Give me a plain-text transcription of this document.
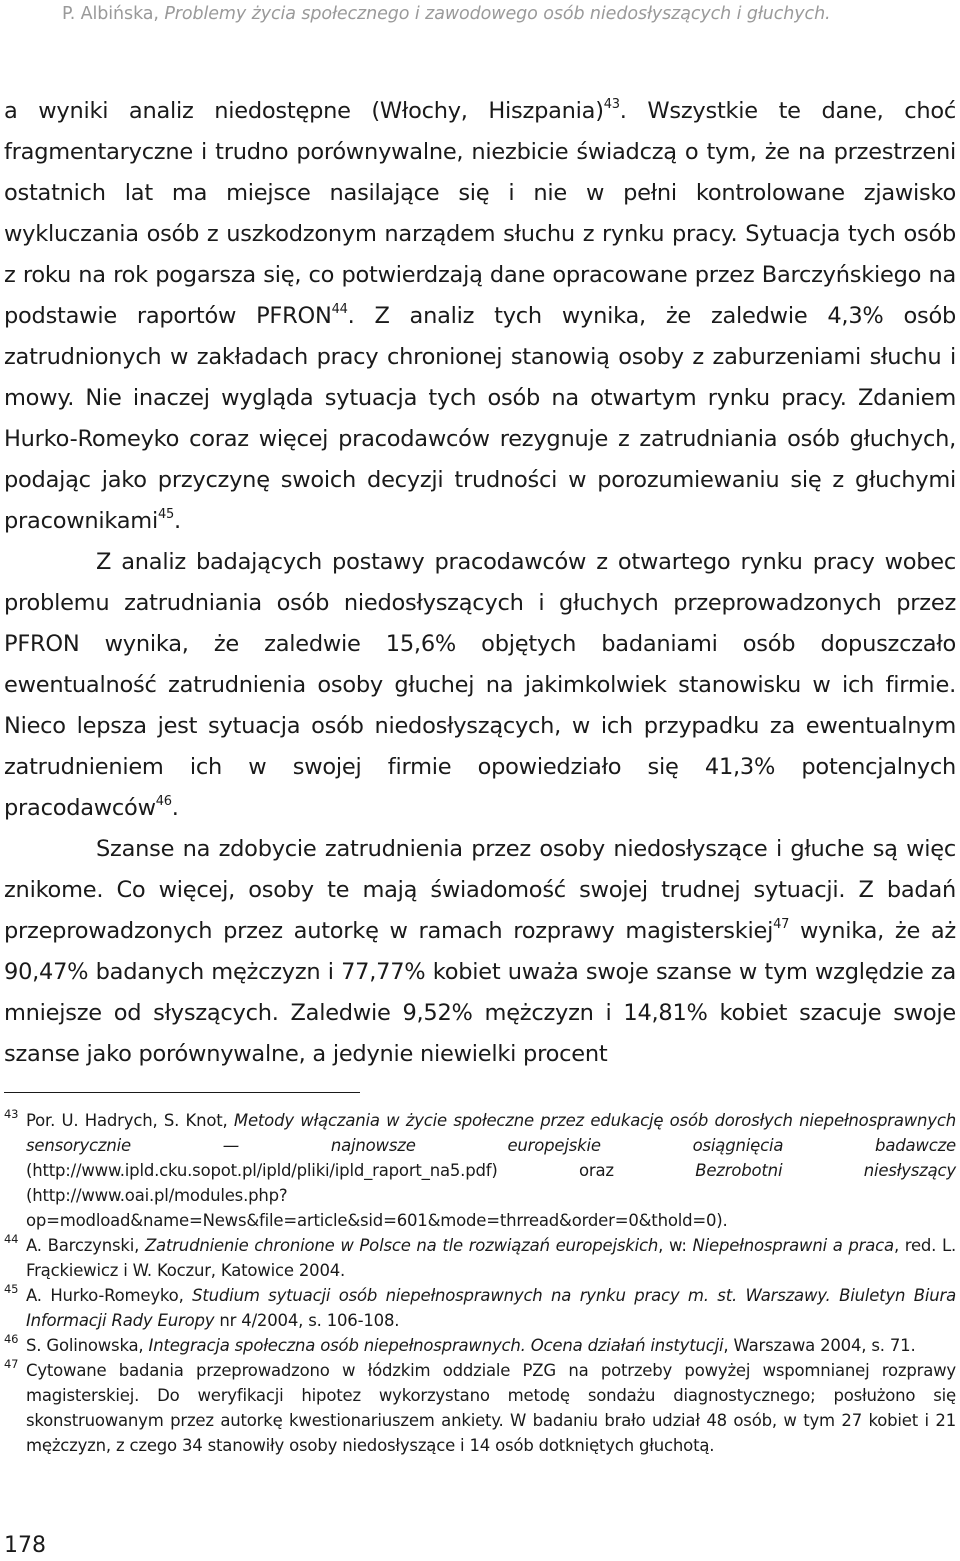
P. Albińska, Problemy życia społecznego i zawodowego osób niedosłyszących i głuchych.

a wyniki analiz niedostępne (Włochy, Hiszpania)$^{43}$. Wszystkie te dane, choć fragmentaryczne i trudno porównywalne, niezbicie świadczą o tym, że na przestrzeni ostatnich lat ma miejsce nasilające się i nie w pełni kontrolowane zjawisko wykluczania osób z uszkodzonym narządem słuchu z rynku pracy. Sytuacja tych osób z roku na rok pogarsza się, co potwierdzają dane opracowane przez Barczyńskiego na podstawie raportów PFRON$^{44}$. Z analiz tych wynika, że zaledwie 4,3% osób zatrudnionych w zakładach pracy chronionej stanowią osoby z zaburzeniami słuchu i mowy. Nie inaczej wygląda sytuacja tych osób na otwartym rynku pracy. Zdaniem Hurko-Romeyko coraz więcej pracodawców rezygnuje z zatrudniania osób głuchych, podając jako przyczynę swoich decyzji trudności w porozumiewaniu się z głuchymi pracownikami$^{45}$.

Z analiz badających postawy pracodawców z otwartego rynku pracy wobec problemu zatrudniania osób niedosłyszących i głuchych przeprowadzonych przez PFRON wynika, że zaledwie 15,6% objętych badaniami osób dopuszczało ewentualność zatrudnienia osoby głuchej na jakimkolwiek stanowisku w ich firmie. Nieco lepsza jest sytuacja osób niedosłyszących, w ich przypadku za ewentualnym zatrudnieniem ich w swojej firmie opowiedziało się 41,3% potencjalnych pracodawców$^{46}$.

Szanse na zdobycie zatrudnienia przez osoby niedosłyszące i głuche są więc znikome. Co więcej, osoby te mają świadomość swojej trudnej sytuacji. Z badań przeprowadzonych przez autorkę w ramach rozprawy magisterskiej$^{47}$ wynika, że aż 90,47% badanych mężczyzn i 77,77% kobiet uważa swoje szanse w tym względzie za mniejsze od słyszących. Zaledwie 9,52% mężczyzn i 14,81% kobiet szacuje swoje szanse jako porównywalne, a jedynie niewielki procent

43 Por. U. Hadrych, S. Knot, Metody włączania w życie społeczne przez edukację osób dorosłych niepełnosprawnych sensorycznie — najnowsze europejskie osiągnięcia badawcze (http://www.ipld.cku.sopot.pl/ipld/pliki/ipld_raport_na5.pdf) oraz Bezrobotni niesłyszący (http://www.oai.pl/modules.php?op=modload&name=News&file=article&sid=601&mode=thrread&order=0&thold=0).
44 A. Barczynski, Zatrudnienie chronione w Polsce na tle rozwiązań europejskich, w: Niepełnosprawni a praca, red. L. Frąckiewicz i W. Koczur, Katowice 2004.
45 A. Hurko-Romeyko, Studium sytuacji osób niepełnosprawnych na rynku pracy m. st. Warszawy. Biuletyn Biura Informacji Rady Europy nr 4/2004, s. 106-108.
46 S. Golinowska, Integracja społeczna osób niepełnosprawnych. Ocena działań instytucji, Warszawa 2004, s. 71.
47 Cytowane badania przeprowadzono w łódzkim oddziale PZG na potrzeby powyżej wspomnianej rozprawy magisterskiej. Do weryfikacji hipotez wykorzystano metodę sondażu diagnostycznego; posłużono się skonstruowanym przez autorkę kwestionariuszem ankiety. W badaniu brało udział 48 osób, w tym 27 kobiet i 21 mężczyzn, z czego 34 stanowiły osoby niedosłyszące i 14 osób dotkniętych głuchotą.
178
